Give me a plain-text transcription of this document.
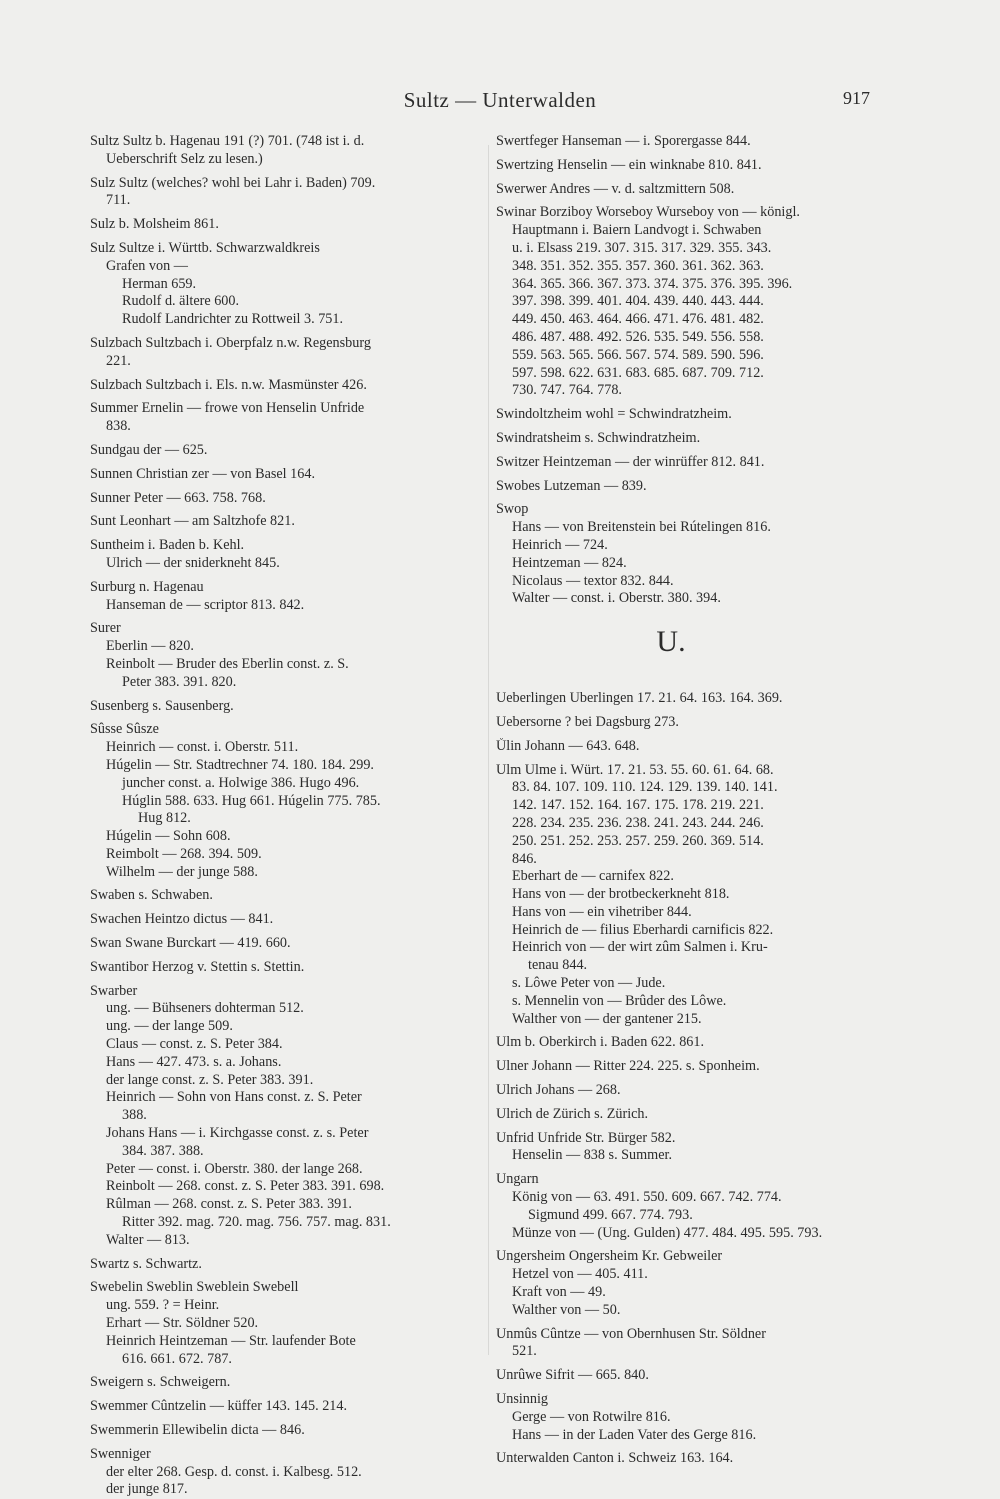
Sultz — Unterwalden	917
Sultz Sultz b. Hagenau 191 (?) 701. (748 ist i. d.
Ueberschrift Selz zu lesen.)
Sulz Sultz (welches? wohl bei Lahr i. Baden) 709.
711.
Sulz b. Molsheim 861.
Sulz Sultze i. Württb. Schwarzwaldkreis
Grafen von —
Herman 659.
Rudolf d. ältere 600.
Rudolf Landrichter zu Rottweil 3. 751.
Sulzbach Sultzbach i. Oberpfalz n.w. Regensburg
221.
Sulzbach Sultzbach i. Els. n.w. Masmünster 426.
Summer Ernelin — frowe von Henselin Unfride
838.
Sundgau der — 625.
Sunnen Christian zer — von Basel 164.
Sunner Peter — 663. 758. 768.
Sunt Leonhart — am Saltzhofe 821.
Suntheim i. Baden b. Kehl.
Ulrich — der sniderkneht 845.
Surburg n. Hagenau
Hanseman de — scriptor 813. 842.
Surer
Eberlin — 820.
Reinbolt — Bruder des Eberlin const. z. S.
Peter 383. 391. 820.
Susenberg s. Sausenberg.
Sûsse Sûsze
Heinrich — const. i. Oberstr. 511.
Húgelin — Str. Stadtrechner 74. 180. 184. 299.
juncher const. a. Holwige 386. Hugo 496.
Húglin 588. 633. Hug 661. Húgelin 775. 785.
Hug 812.
Húgelin — Sohn 608.
Reimbolt — 268. 394. 509.
Wilhelm — der junge 588.
Swaben s. Schwaben.
Swachen Heintzo dictus — 841.
Swan Swane Burckart — 419. 660.
Swantibor Herzog v. Stettin s. Stettin.
Swarber
ung. — Bühseners dohterman 512.
ung. — der lange 509.
Claus — const. z. S. Peter 384.
Hans — 427. 473. s. a. Johans.
der lange const. z. S. Peter 383. 391.
Heinrich — Sohn von Hans const. z. S. Peter
388.
Johans Hans — i. Kirchgasse const. z. s. Peter
384. 387. 388.
Peter — const. i. Oberstr. 380. der lange 268.
Reinbolt — 268. const. z. S. Peter 383. 391. 698.
Rûlman — 268. const. z. S. Peter 383. 391.
Ritter 392. mag. 720. mag. 756. 757. mag. 831.
Walter — 813.
Swartz s. Schwartz.
Swebelin Sweblin Sweblein Swebell
ung. 559. ? = Heinr.
Erhart — Str. Söldner 520.
Heinrich Heintzeman — Str. laufender Bote
616. 661. 672. 787.
Sweigern s. Schweigern.
Swemmer Cûntzelin — küffer 143. 145. 214.
Swemmerin Ellewibelin dicta — 846.
Swenniger
der elter 268. Gesp. d. const. i. Kalbesg. 512.
der junge 817.
Swertfeger Hanseman — i. Sporergasse 844.
Swertzing Henselin — ein winknabe 810. 841.
Swerwer Andres — v. d. saltzmittern 508.
Swinar Borziboy Worseboy Wurseboy von — königl.
Hauptmann i. Baiern Landvogt i. Schwaben
u. i. Elsass 219. 307. 315. 317. 329. 355. 343.
348. 351. 352. 355. 357. 360. 361. 362. 363.
364. 365. 366. 367. 373. 374. 375. 376. 395. 396.
397. 398. 399. 401. 404. 439. 440. 443. 444.
449. 450. 463. 464. 466. 471. 476. 481. 482.
486. 487. 488. 492. 526. 535. 549. 556. 558.
559. 563. 565. 566. 567. 574. 589. 590. 596.
597. 598. 622. 631. 683. 685. 687. 709. 712.
730. 747. 764. 778.
Swindoltzheim wohl = Schwindratzheim.
Swindratsheim s. Schwindratzheim.
Switzer Heintzeman — der winrüffer 812. 841.
Swobes Lutzeman — 839.
Swop
Hans — von Breitenstein bei Rútelingen 816.
Heinrich — 724.
Heintzeman — 824.
Nicolaus — textor 832. 844.
Walter — const. i. Oberstr. 380. 394.
U.
Ueberlingen Uberlingen 17. 21. 64. 163. 164. 369.
Uebersorne ? bei Dagsburg 273.
Ůlin Johann — 643. 648.
Ulm Ulme i. Würt. 17. 21. 53. 55. 60. 61. 64. 68.
83. 84. 107. 109. 110. 124. 129. 139. 140. 141.
142. 147. 152. 164. 167. 175. 178. 219. 221.
228. 234. 235. 236. 238. 241. 243. 244. 246.
250. 251. 252. 253. 257. 259. 260. 369. 514.
846.
Eberhart de — carnifex 822.
Hans von — der brotbeckerkneht 818.
Hans von — ein vihetriber 844.
Heinrich de — filius Eberhardi carnificis 822.
Heinrich von — der wirt zûm Salmen i. Kru-
tenau 844.
s. Lôwe Peter von — Jude.
s. Mennelin von — Brûder des Lôwe.
Walther von — der gantener 215.
Ulm b. Oberkirch i. Baden 622. 861.
Ulner Johann — Ritter 224. 225. s. Sponheim.
Ulrich Johans — 268.
Ulrich de Zürich s. Zürich.
Unfrid Unfride Str. Bürger 582.
Henselin — 838 s. Summer.
Ungarn
König von — 63. 491. 550. 609. 667. 742. 774.
Sigmund 499. 667. 774. 793.
Münze von — (Ung. Gulden) 477. 484. 495. 595. 793.
Ungersheim Ongersheim Kr. Gebweiler
Hetzel von — 405. 411.
Kraft von — 49.
Walther von — 50.
Unmûs Cûntze — von Obernhusen Str. Söldner
521.
Unrûwe Sifrit — 665. 840.
Unsinnig
Gerge — von Rotwilre 816.
Hans — in der Laden Vater des Gerge 816.
Unterwalden Canton i. Schweiz 163. 164.
